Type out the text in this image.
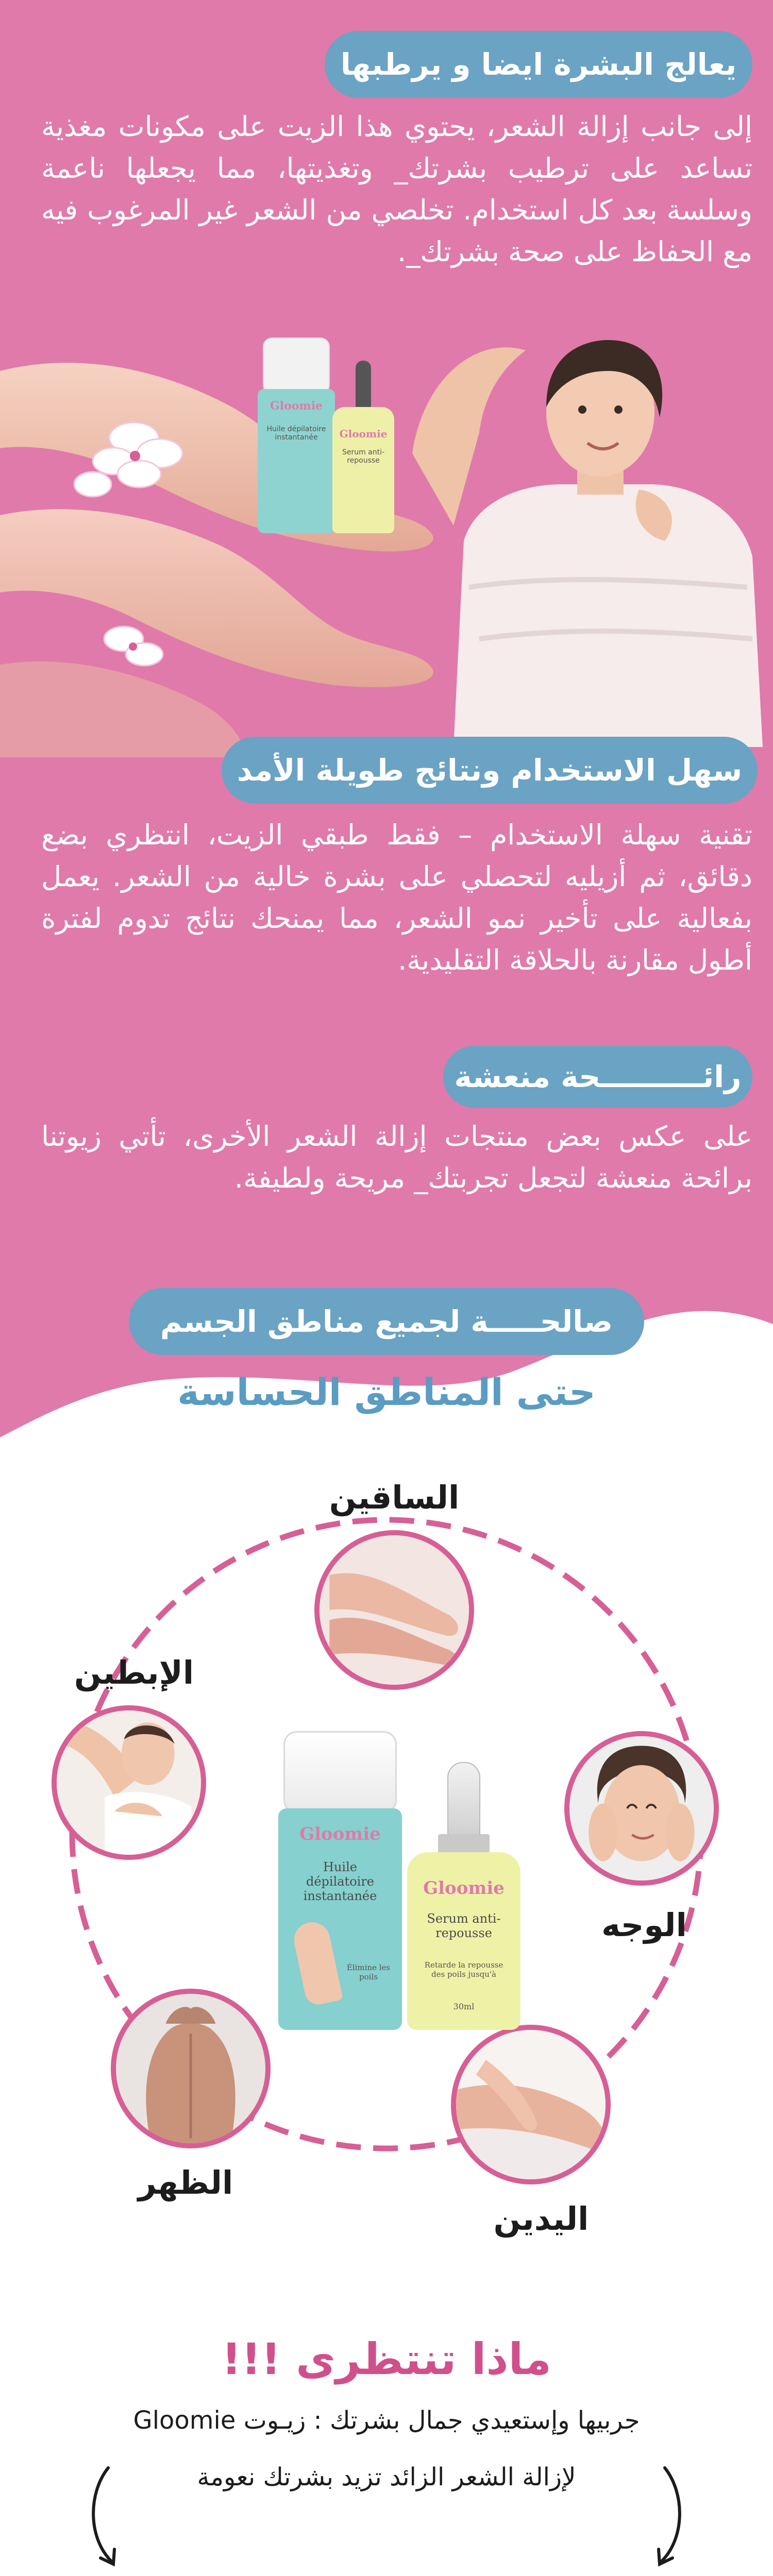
يعالج البشرة ايضا و يرطبها
إلى جانب إزالة الشعر، يحتوي هذا الزيت على مكونات مغذية تساعد على ترطيب بشرتك_ وتغذيتها، مما يجعلها ناعمة وسلسة بعد كل استخدام. تخلصي من الشعر غير المرغوب فيه مع الحفاظ على صحة بشرتك_.
Gloomie
Huile dépilatoire instantanée	Gloomie
Serum anti-repousse
سهل الاستخدام ونتائج طويلة الأمد
تقنية سهلة الاستخدام – فقط طبقي الزيت، انتظري بضع دقائق، ثم أزيليه لتحصلي على بشرة خالية من الشعر. يعمل بفعالية على تأخير نمو الشعر، مما يمنحك نتائج تدوم لفترة أطول مقارنة بالحلاقة التقليدية.
رائــــــــــحة منعشة
على عكس بعض منتجات إزالة الشعر الأخرى، تأتي زيوتنا برائحة منعشة لتجعل تجربتك_ مريحة ولطيفة.
صالحـــــة لجميع مناطق الجسم
حتى المناطق الحساسة
الساقين
الوجه
اليدين
الظهر
الإبطين
Gloomie
Huile dépilatoire instantanée
Élimine les poils
Gloomie
Serum anti-repousse
Retarde la repousse des poils jusqu'à
30ml
ماذا تنتظرى !!!
جربيها وإستعيدي جمال بشرتك : زيـوت Gloomie
لإزالة الشعر الزائد تزيد بشرتك نعومة
